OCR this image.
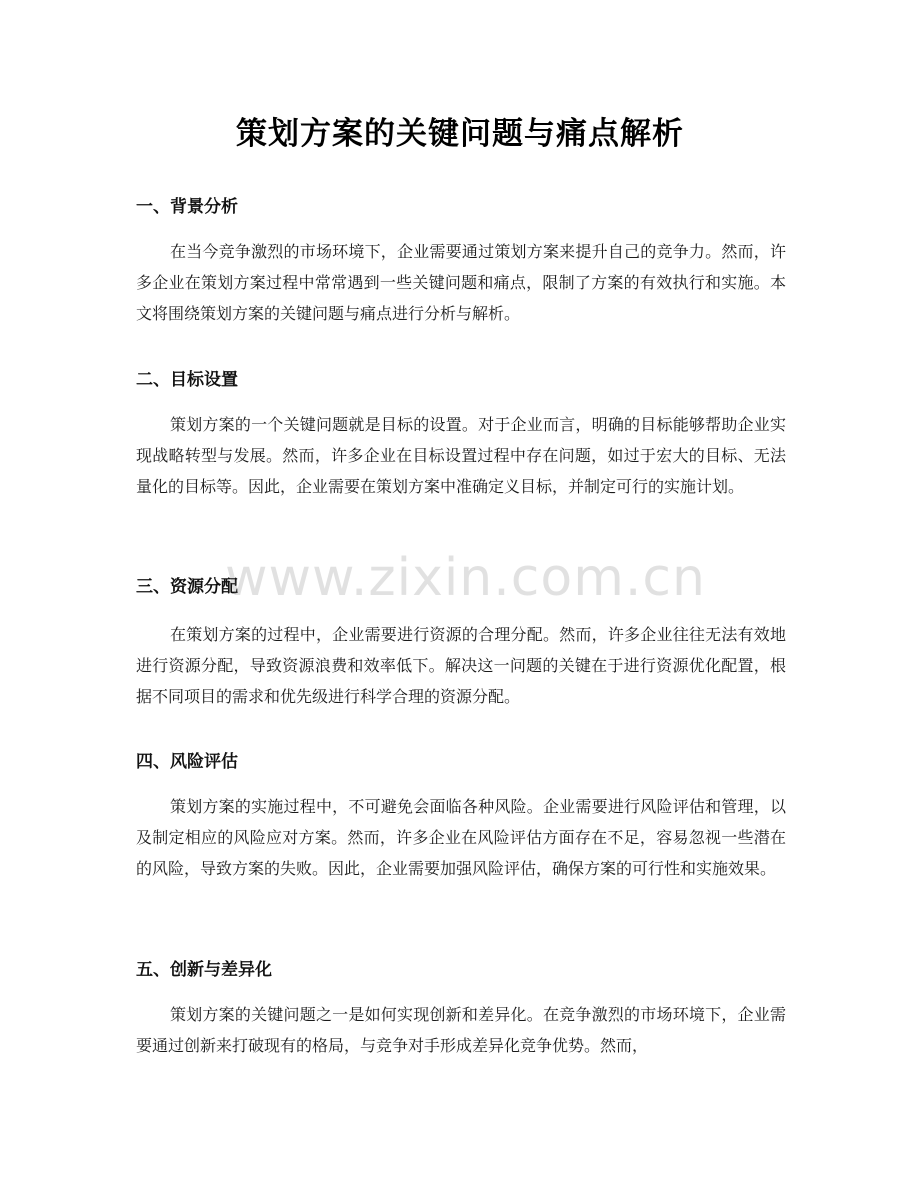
策划方案的关键问题与痛点解析
一、背景分析

在当今竞争激烈的市场环境下，企业需要通过策划方案来提升自己的竞争力。然而，许多企业在策划方案过程中常常遇到一些关键问题和痛点，限制了方案的有效执行和实施。本文将围绕策划方案的关键问题与痛点进行分析与解析。

二、目标设置

策划方案的一个关键问题就是目标的设置。对于企业而言，明确的目标能够帮助企业实现战略转型与发展。然而，许多企业在目标设置过程中存在问题，如过于宏大的目标、无法量化的目标等。因此，企业需要在策划方案中准确定义目标，并制定可行的实施计划。

三、资源分配

在策划方案的过程中，企业需要进行资源的合理分配。然而，许多企业往往无法有效地进行资源分配，导致资源浪费和效率低下。解决这一问题的关键在于进行资源优化配置，根据不同项目的需求和优先级进行科学合理的资源分配。

四、风险评估

策划方案的实施过程中，不可避免会面临各种风险。企业需要进行风险评估和管理，以及制定相应的风险应对方案。然而，许多企业在风险评估方面存在不足，容易忽视一些潜在的风险，导致方案的失败。因此，企业需要加强风险评估，确保方案的可行性和实施效果。

五、创新与差异化

策划方案的关键问题之一是如何实现创新和差异化。在竞争激烈的市场环境下，企业需要通过创新来打破现有的格局，与竞争对手形成差异化竞争优势。然而，

www.zixin.com.cn
